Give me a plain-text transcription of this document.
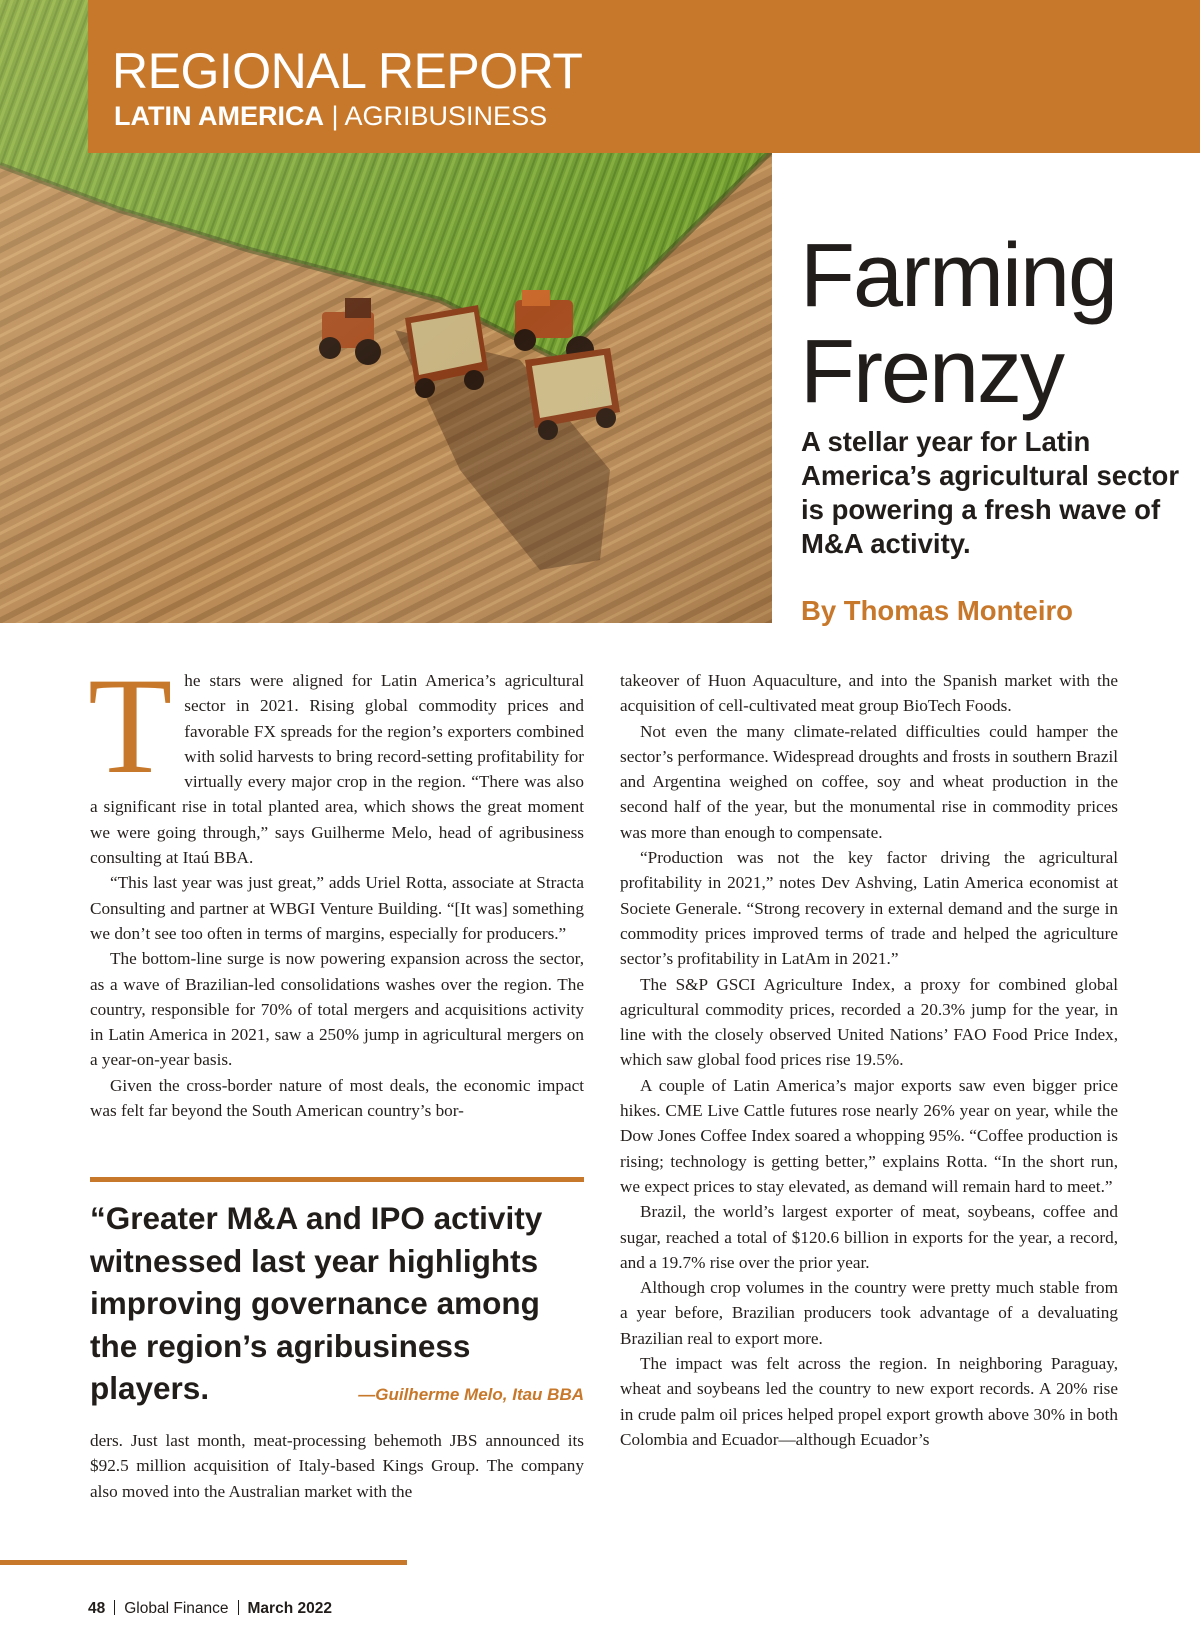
REGIONAL REPORT

LATIN AMERICA | AGRIBUSINESS

Farming Frenzy

A stellar year for Latin America’s agricultural sector is powering a fresh wave of M&A activity.

By Thomas Monteiro

The stars were aligned for Latin America’s agricultural sector in 2021. Rising global commodity prices and favorable FX spreads for the region’s exporters combined with solid harvests to bring record-setting profitability for virtually every major crop in the region. “There was also a significant rise in total planted area, which shows the great moment we were going through,” says Guilherme Melo, head of agribusiness consulting at Itaú BBA.

“This last year was just great,” adds Uriel Rotta, associate at Stracta Consulting and partner at WBGI Venture Building. “[It was] something we don’t see too often in terms of margins, especially for producers.”

The bottom-line surge is now powering expansion across the sector, as a wave of Brazilian-led consolidations washes over the region. The country, responsible for 70% of total mergers and acquisitions activity in Latin America in 2021, saw a 250% jump in agricultural mergers on a year-on-year basis.

Given the cross-border nature of most deals, the economic impact was felt far beyond the South American country’s bor-

“Greater M&A and IPO activity witnessed last year highlights improving governance among the region’s agribusiness players.	—Guilherme Melo, Itau BBA

ders. Just last month, meat-processing behemoth JBS announced its $92.5 million acquisition of Italy-based Kings Group. The company also moved into the Australian market with the

takeover of Huon Aquaculture, and into the Spanish market with the acquisition of cell-cultivated meat group BioTech Foods.

Not even the many climate-related difficulties could hamper the sector’s performance. Widespread droughts and frosts in southern Brazil and Argentina weighed on coffee, soy and wheat production in the second half of the year, but the monumental rise in commodity prices was more than enough to compensate.

“Production was not the key factor driving the agricultural profitability in 2021,” notes Dev Ashving, Latin America economist at Societe Generale. “Strong recovery in external demand and the surge in commodity prices improved terms of trade and helped the agriculture sector’s profitability in LatAm in 2021.”

The S&P GSCI Agriculture Index, a proxy for combined global agricultural commodity prices, recorded a 20.3% jump for the year, in line with the closely observed United Nations’ FAO Food Price Index, which saw global food prices rise 19.5%.

A couple of Latin America’s major exports saw even bigger price hikes. CME Live Cattle futures rose nearly 26% year on year, while the Dow Jones Coffee Index soared a whopping 95%. “Coffee production is rising; technology is getting better,” explains Rotta. “In the short run, we expect prices to stay elevated, as demand will remain hard to meet.”

Brazil, the world’s largest exporter of meat, soybeans, coffee and sugar, reached a total of $120.6 billion in exports for the year, a record, and a 19.7% rise over the prior year.

Although crop volumes in the country were pretty much stable from a year before, Brazilian producers took advantage of a devaluating Brazilian real to export more.

The impact was felt across the region. In neighboring Paraguay, wheat and soybeans led the country to new export records. A 20% rise in crude palm oil prices helped propel export growth above 30% in both Colombia and Ecuador—although Ecuador’s

48 Global Finance March 2022
